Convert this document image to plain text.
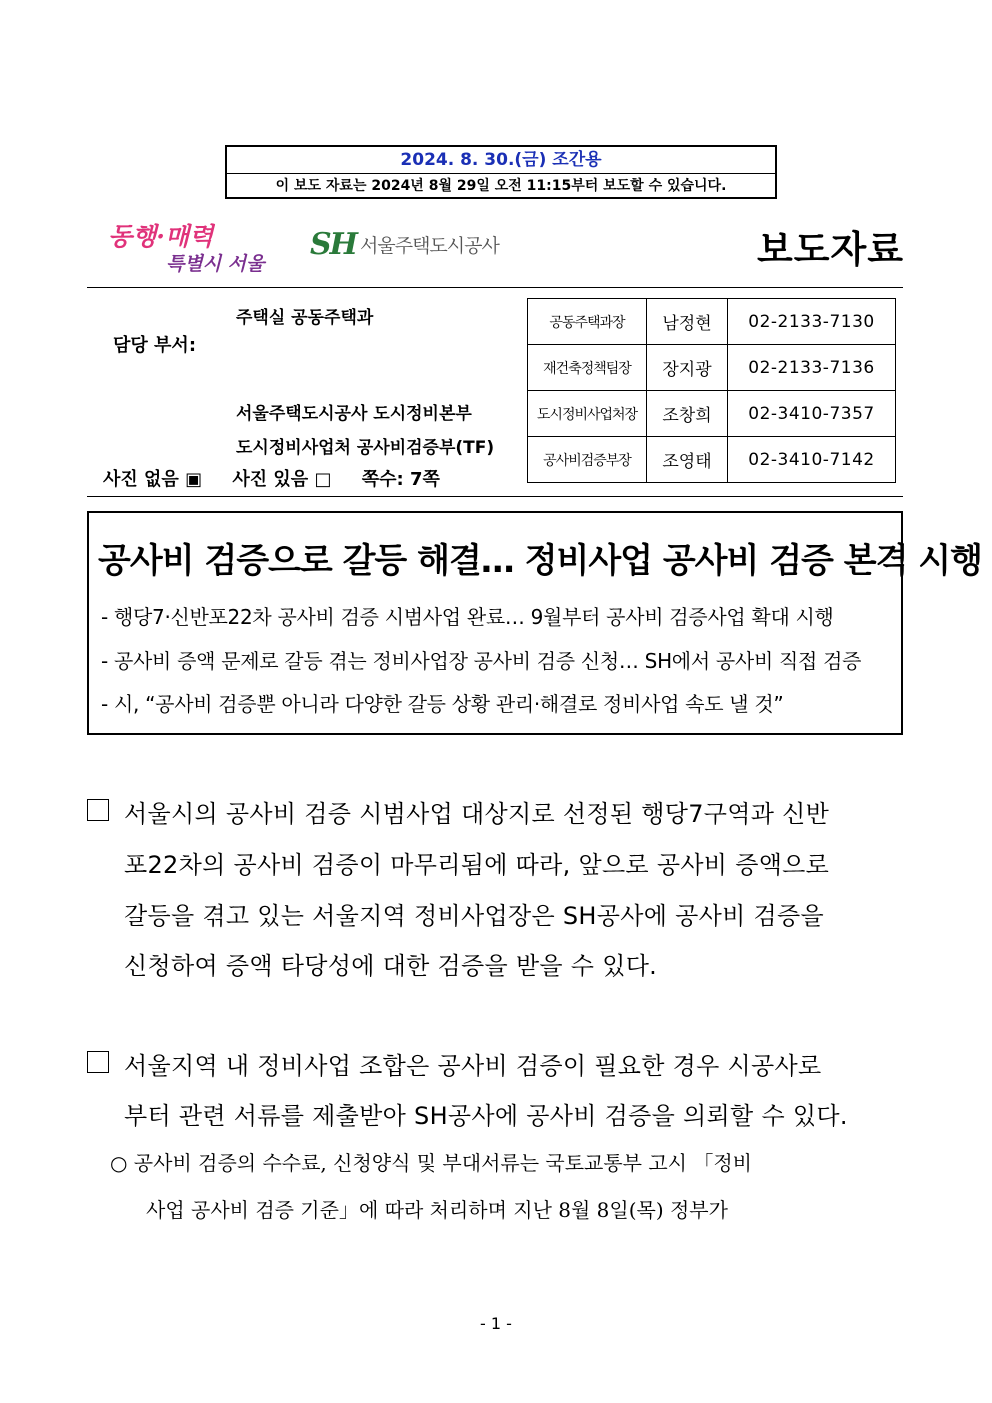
2024. 8. 30.(금) 조간용
이 보도 자료는 2024년 8월 29일 오전 11:15부터 보도할 수 있습니다.
동행·매력
특별시 서울
SH 서울주택도시공사	보도자료
주택실 공동주택과
담당 부서:
서울주택도시공사 도시정비본부
도시정비사업처 공사비검증부(TF)
사진 없음 ▣ 사진 있음 □ 쪽수: 7쪽
공동주택과장	남정현	02-2133-7130
재건축정책팀장	장지광	02-2133-7136
도시정비사업처장	조창희	02-3410-7357
공사비검증부장	조영태	02-3410-7142
공사비 검증으로 갈등 해결… 정비사업 공사비 검증 본격 시행
- 행당7·신반포22차 공사비 검증 시범사업 완료… 9월부터 공사비 검증사업 확대 시행
- 공사비 증액 문제로 갈등 겪는 정비사업장 공사비 검증 신청… SH에서 공사비 직접 검증
- 시, “공사비 검증뿐 아니라 다양한 갈등 상황 관리·해결로 정비사업 속도 낼 것”
서울시의 공사비 검증 시범사업 대상지로 선정된 행당7구역과 신반
포22차의 공사비 검증이 마무리됨에 따라, 앞으로 공사비 증액으로
갈등을 겪고 있는 서울지역 정비사업장은 SH공사에 공사비 검증을
신청하여 증액 타당성에 대한 검증을 받을 수 있다.
서울지역 내 정비사업 조합은 공사비 검증이 필요한 경우 시공사로
부터 관련 서류를 제출받아 SH공사에 공사비 검증을 의뢰할 수 있다.
○ 공사비 검증의 수수료, 신청양식 및 부대서류는 국토교통부 고시 「정비
사업 공사비 검증 기준」에 따라 처리하며 지난 8월 8일(목) 정부가
- 1 -
